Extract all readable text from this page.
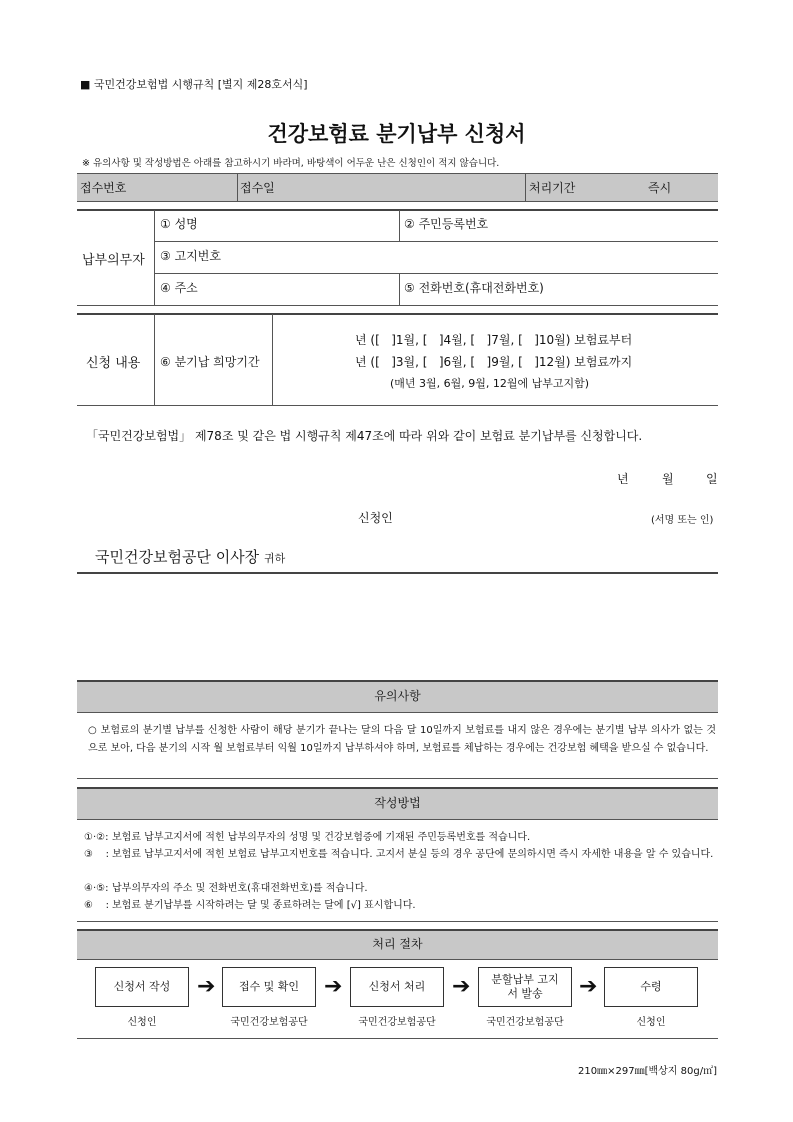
■ 국민건강보험법 시행규칙 [별지 제28호서식]
건강보험료 분기납부 신청서
※ 유의사항 및 작성방법은 아래를 참고하시기 바라며, 바탕색이 어두운 난은 신청인이 적지 않습니다.
접수번호	접수일	처리기간	즉시
납부의무자
① 성명	② 주민등록번호
③ 고지번호
④ 주소	⑤ 전화번호(휴대전화번호)
신청 내용 ⑥ 분기납 희망기간
년 ([   ]1월, [   ]4월, [   ]7월, [   ]10월) 보험료부터
년 ([   ]3월, [   ]6월, [   ]9월, [   ]12월) 보험료까지
(매년 3월, 6월, 9월, 12월에 납부고지함)
「국민건강보험법」 제78조 및 같은 법 시행규칙 제47조에 따라 위와 같이 보험료 분기납부를 신청합니다.
년	월	일
신청인	(서명 또는 인)
국민건강보험공단 이사장 귀하
유의사항
○ 보험료의 분기별 납부를 신청한 사람이 해당 분기가 끝나는 달의 다음 달 10일까지 보험료를 내지 않은 경우에는 분기별 납부 의사가 없는 것으로 보아, 다음 분기의 시작 월 보험료부터 익월 10일까지 납부하셔야 하며, 보험료를 체납하는 경우에는 건강보험 혜택을 받으실 수 없습니다.
작성방법
①·②: 보험료 납부고지서에 적힌 납부의무자의 성명 및 건강보험증에 기재된 주민등록번호를 적습니다.
③    : 보험료 납부고지서에 적힌 보험료 납부고지번호를 적습니다. 고지서 분실 등의 경우 공단에 문의하시면 즉시 자세한 내용을 알 수 있습니다.
④·⑤: 납부의무자의 주소 및 전화번호(휴대전화번호)를 적습니다.
⑥    : 보험료 분기납부를 시작하려는 달 및 종료하려는 달에 [√] 표시합니다.
처리 절차
신청서 작성	접수 및 확인	신청서 처리
분할납부 고지서 발송
수령
➔	➔	➔	➔
신청인	국민건강보험공단	국민건강보험공단	국민건강보험공단	신청인
210㎜×297㎜[백상지 80g/㎡]
